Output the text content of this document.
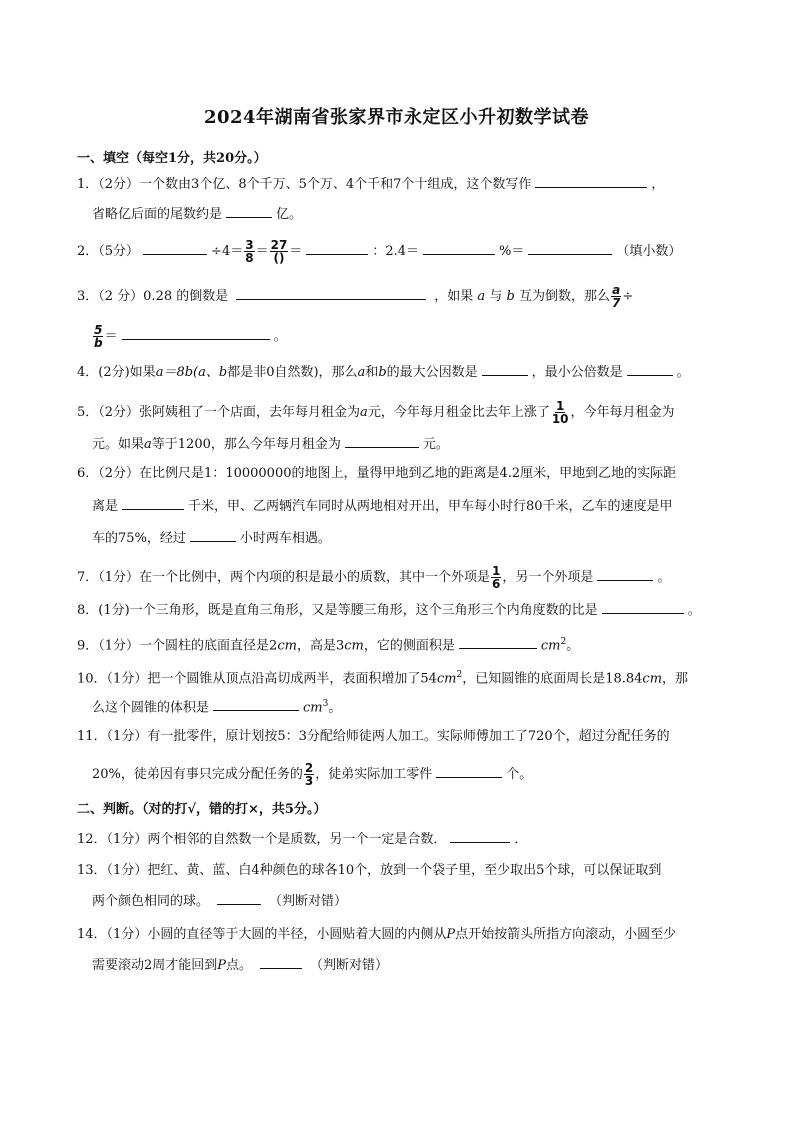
2024年湖南省张家界市永定区小升初数学试卷
一、填空（每空1分，共20分。）
1．（2分）一个数由3个亿、8个千万、5个万、4个千和7个十组成，这个数写作	，
省略亿后面的尾数约是	亿。
2．（5分）	$\div 4= \frac{3}{8} = \frac{27}{()}$ ＝	：2.4＝	%＝	（填小数）
3．（2 分）0.28 的倒数是	，如果 a 与 b 互为倒数，那么 $\frac{a}{7}$ ÷
$\frac{5}{b}$ ＝	。
4．(2分)如果a＝8b(a、b都是非0自然数)，那么a和b的最大公因数是	，最小公倍数是	。
5．（2分）张阿姨租了一个店面，去年每月租金为a元，今年每月租金比去年上涨了 $\frac{1}{10}$ ，今年每月租金为
元。如果a等于1200，那么今年每月租金为	元。
6．（2分）在比例尺是1：10000000的地图上，量得甲地到乙地的距离是4.2厘米，甲地到乙地的实际距
离是	千米，甲、乙两辆汽车同时从两地相对开出，甲车每小时行80千米，乙车的速度是甲
车的75%，经过	小时两车相遇。
7．（1分）在一个比例中，两个内项的积是最小的质数，其中一个外项是 $\frac{1}{6}$ ，另一个外项是	。
8．(1分)一个三角形，既是直角三角形，又是等腰三角形，这个三角形三个内角度数的比是	。
9．（1分）一个圆柱的底面直径是2cm，高是3cm，它的侧面积是	$cm^2$。
10．（1分）把一个圆锥从顶点沿高切成两半，表面积增加了$54cm^2$，已知圆锥的底面周长是18.84cm，那
么这个圆锥的体积是	$cm^3$。
11．（1分）有一批零件，原计划按5：3分配给师徒两人加工。实际师傅加工了720个，超过分配任务的
20%，徒弟因有事只完成分配任务的 $\frac{2}{3}$ ，徒弟实际加工零件	个。
二、判断。（对的打√，错的打×，共5分。）
12．（1分）两个相邻的自然数一个是质数，另一个一定是合数．	．
13．（1分）把红、黄、蓝、白4种颜色的球各10个，放到一个袋子里，至少取出5个球，可以保证取到
两个颜色相同的球。	（判断对错）
14．（1分）小圆的直径等于大圆的半径，小圆贴着大圆的内侧从P点开始按箭头所指方向滚动，小圆至少
需要滚动2周才能回到P点。	（判断对错）
